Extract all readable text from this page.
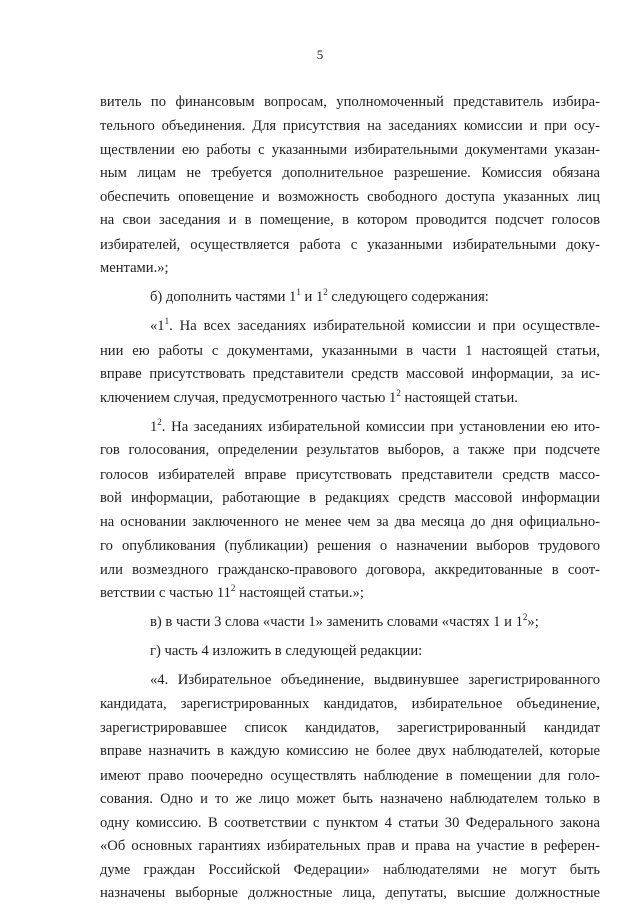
5
витель по финансовым вопросам, уполномоченный представитель избира-
тельного объединения. Для присутствия на заседаниях комиссии и при осу-
ществлении ею работы с указанными избирательными документами указан-
ным лицам не требуется дополнительное разрешение. Комиссия обязана
обеспечить оповещение и возможность свободного доступа указанных лиц
на свои заседания и в помещение, в котором проводится подсчет голосов
избирателей, осуществляется работа с указанными избирательными доку-
ментами.»;
б) дополнить частями $1^1$ и $1^2$ следующего содержания:
«$1^1$. На всех заседаниях избирательной комиссии и при осуществле-
нии ею работы с документами, указанными в части 1 настоящей статьи,
вправе присутствовать представители средств массовой информации, за ис-
ключением случая, предусмотренного частью $1^2$ настоящей статьи.
$1^2$. На заседаниях избирательной комиссии при установлении ею ито-
гов голосования, определении результатов выборов, а также при подсчете
голосов избирателей вправе присутствовать представители средств массо-
вой информации, работающие в редакциях средств массовой информации
на основании заключенного не менее чем за два месяца до дня официально-
го опубликования (публикации) решения о назначении выборов трудового
или возмездного гражданско-правового договора, аккредитованные в соот-
ветствии с частью $11^2$ настоящей статьи.»;
в) в части 3 слова «части 1» заменить словами «частях 1 и $1^2$»;
г) часть 4 изложить в следующей редакции:
«4. Избирательное объединение, выдвинувшее зарегистрированного
кандидата, зарегистрированных кандидатов, избирательное объединение,
зарегистрировавшее список кандидатов, зарегистрированный кандидат
вправе назначить в каждую комиссию не более двух наблюдателей, которые
имеют право поочередно осуществлять наблюдение в помещении для голо-
сования. Одно и то же лицо может быть назначено наблюдателем только в
одну комиссию. В соответствии с пунктом 4 статьи 30 Федерального закона
«Об основных гарантиях избирательных прав и права на участие в референ-
думе граждан Российской Федерации» наблюдателями не могут быть
назначены выборные должностные лица, депутаты, высшие должностные
